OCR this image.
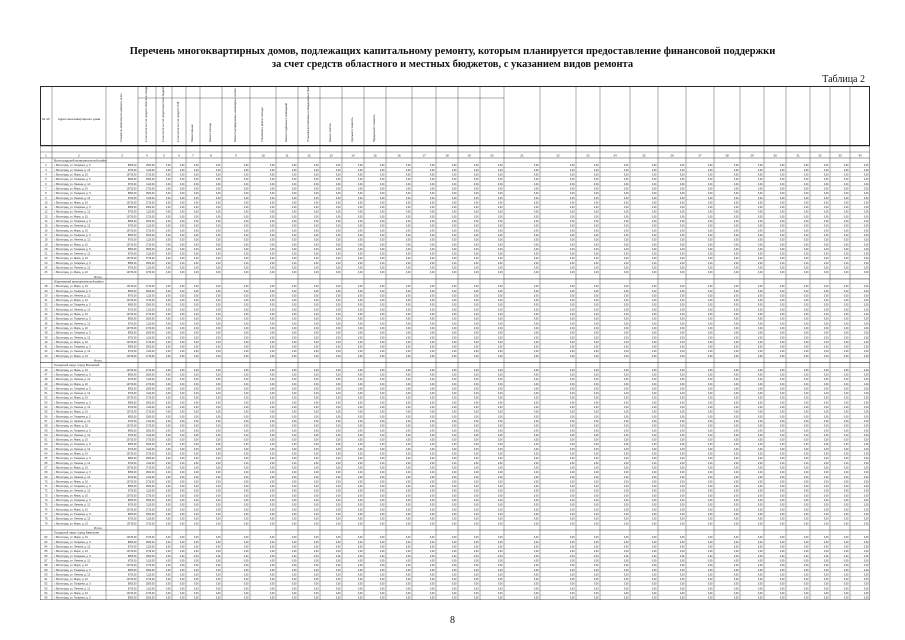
Перечень многоквартирных домов, подлежащих капитальному ремонту, которым планируется предоставление финансовой поддержки
за счет средств областного и местных бюджетов, с указанием видов ремонта
Таблица 2
№ п/п	Адрес многоквартирного дома	Стоимость капитального ремонта, всего	в том числе за счет средств областного бюджета	в том числе за счет средств местного бюджета	в том числе за счет средств ТСЖ	Ремонт крыши	Ремонт фасада	Ремонт внутридомовых инженерных систем	Утепление и ремонт фасада	Ремонт подвальных помещений	Установка коллективных (общедомовых) приборов учета	Ремонт лифтов	Удельная стоимость	Предельная стоимость
1	2	3	4	5	6	7	8	9	10	11	12	13	14	15	16	17	18	19	20	21	22	23	24	25	26	27	28	29	30	31	32	33	34
Волгоградский муниципальный район
2	г. Волгоград, ул. Гагарина, д. 5	8950,00	1560,00	0,00	0,00	0,00	0,00	0,00	0,00	0,00	0,00	0,00	0,00	0,00	0,00	0,00	0,00	0,00	0,00	0,00	0,00	0,00	0,00	0,00	0,00	0,00	0,00	0,00	0,00	0,00	0,00	0,00	0,00
3	г. Волгоград, ул. Ленина, д. 12	6700,00	1110,00	0,00	0,00	0,00	0,00	0,00	0,00	0,00	0,00	0,00	0,00	0,00	0,00	0,00	0,00	0,00	0,00	0,00	0,00	0,00	0,00	0,00	0,00	0,00	0,00	0,00	0,00	0,00	0,00	0,00	0,00
4	г. Волгоград, ул. Мира, д. 10	10730,00	1730,00	0,00	0,00	0,00	0,00	0,00	0,00	0,00	0,00	0,00	0,00	0,00	0,00	0,00	0,00	0,00	0,00	0,00	0,00	0,00	0,00	0,00	0,00	0,00	0,00	0,00	0,00	0,00	0,00	0,00	0,00
5	г. Волгоград, ул. Гагарина, д. 5	8950,00	1560,00	0,00	0,00	0,00	0,00	0,00	0,00	0,00	0,00	0,00	0,00	0,00	0,00	0,00	0,00	0,00	0,00	0,00	0,00	0,00	0,00	0,00	0,00	0,00	0,00	0,00	0,00	0,00	0,00	0,00	0,00
6	г. Волгоград, ул. Ленина, д. 12	6700,00	1110,00	0,00	0,00	0,00	0,00	0,00	0,00	0,00	0,00	0,00	0,00	0,00	0,00	0,00	0,00	0,00	0,00	0,00	0,00	0,00	0,00	0,00	0,00	0,00	0,00	0,00	0,00	0,00	0,00	0,00	0,00
7	г. Волгоград, ул. Мира, д. 10	10730,00	1730,00	0,00	0,00	0,00	0,00	0,00	0,00	0,00	0,00	0,00	0,00	0,00	0,00	0,00	0,00	0,00	0,00	0,00	0,00	0,00	0,00	0,00	0,00	0,00	0,00	0,00	0,00	0,00	0,00	0,00	0,00
8	г. Волгоград, ул. Гагарина, д. 5	8950,00	1560,00	0,00	0,00	0,00	0,00	0,00	0,00	0,00	0,00	0,00	0,00	0,00	0,00	0,00	0,00	0,00	0,00	0,00	0,00	0,00	0,00	0,00	0,00	0,00	0,00	0,00	0,00	0,00	0,00	0,00	0,00
9	г. Волгоград, ул. Ленина, д. 12	6700,00	1110,00	0,00	0,00	0,00	0,00	0,00	0,00	0,00	0,00	0,00	0,00	0,00	0,00	0,00	0,00	0,00	0,00	0,00	0,00	0,00	0,00	0,00	0,00	0,00	0,00	0,00	0,00	0,00	0,00	0,00	0,00
10	г. Волгоград, ул. Мира, д. 10	10730,00	1730,00	0,00	0,00	0,00	0,00	0,00	0,00	0,00	0,00	0,00	0,00	0,00	0,00	0,00	0,00	0,00	0,00	0,00	0,00	0,00	0,00	0,00	0,00	0,00	0,00	0,00	0,00	0,00	0,00	0,00	0,00
11	г. Волгоград, ул. Гагарина, д. 5	8950,00	1560,00	0,00	0,00	0,00	0,00	0,00	0,00	0,00	0,00	0,00	0,00	0,00	0,00	0,00	0,00	0,00	0,00	0,00	0,00	0,00	0,00	0,00	0,00	0,00	0,00	0,00	0,00	0,00	0,00	0,00	0,00
12	г. Волгоград, ул. Ленина, д. 12	6700,00	1110,00	0,00	0,00	0,00	0,00	0,00	0,00	0,00	0,00	0,00	0,00	0,00	0,00	0,00	0,00	0,00	0,00	0,00	0,00	0,00	0,00	0,00	0,00	0,00	0,00	0,00	0,00	0,00	0,00	0,00	0,00
13	г. Волгоград, ул. Мира, д. 10	10730,00	1730,00	0,00	0,00	0,00	0,00	0,00	0,00	0,00	0,00	0,00	0,00	0,00	0,00	0,00	0,00	0,00	0,00	0,00	0,00	0,00	0,00	0,00	0,00	0,00	0,00	0,00	0,00	0,00	0,00	0,00	0,00
14	г. Волгоград, ул. Гагарина, д. 5	8950,00	1560,00	0,00	0,00	0,00	0,00	0,00	0,00	0,00	0,00	0,00	0,00	0,00	0,00	0,00	0,00	0,00	0,00	0,00	0,00	0,00	0,00	0,00	0,00	0,00	0,00	0,00	0,00	0,00	0,00	0,00	0,00
15	г. Волгоград, ул. Ленина, д. 12	6700,00	1110,00	0,00	0,00	0,00	0,00	0,00	0,00	0,00	0,00	0,00	0,00	0,00	0,00	0,00	0,00	0,00	0,00	0,00	0,00	0,00	0,00	0,00	0,00	0,00	0,00	0,00	0,00	0,00	0,00	0,00	0,00
16	г. Волгоград, ул. Мира, д. 10	10730,00	1730,00	0,00	0,00	0,00	0,00	0,00	0,00	0,00	0,00	0,00	0,00	0,00	0,00	0,00	0,00	0,00	0,00	0,00	0,00	0,00	0,00	0,00	0,00	0,00	0,00	0,00	0,00	0,00	0,00	0,00	0,00
17	г. Волгоград, ул. Гагарина, д. 5	8950,00	1560,00	0,00	0,00	0,00	0,00	0,00	0,00	0,00	0,00	0,00	0,00	0,00	0,00	0,00	0,00	0,00	0,00	0,00	0,00	0,00	0,00	0,00	0,00	0,00	0,00	0,00	0,00	0,00	0,00	0,00	0,00
18	г. Волгоград, ул. Ленина, д. 12	6700,00	1110,00	0,00	0,00	0,00	0,00	0,00	0,00	0,00	0,00	0,00	0,00	0,00	0,00	0,00	0,00	0,00	0,00	0,00	0,00	0,00	0,00	0,00	0,00	0,00	0,00	0,00	0,00	0,00	0,00	0,00	0,00
19	г. Волгоград, ул. Мира, д. 10	10730,00	1730,00	0,00	0,00	0,00	0,00	0,00	0,00	0,00	0,00	0,00	0,00	0,00	0,00	0,00	0,00	0,00	0,00	0,00	0,00	0,00	0,00	0,00	0,00	0,00	0,00	0,00	0,00	0,00	0,00	0,00	0,00
20	г. Волгоград, ул. Гагарина, д. 5	8950,00	1560,00	0,00	0,00	0,00	0,00	0,00	0,00	0,00	0,00	0,00	0,00	0,00	0,00	0,00	0,00	0,00	0,00	0,00	0,00	0,00	0,00	0,00	0,00	0,00	0,00	0,00	0,00	0,00	0,00	0,00	0,00
21	г. Волгоград, ул. Ленина, д. 12	6700,00	1110,00	0,00	0,00	0,00	0,00	0,00	0,00	0,00	0,00	0,00	0,00	0,00	0,00	0,00	0,00	0,00	0,00	0,00	0,00	0,00	0,00	0,00	0,00	0,00	0,00	0,00	0,00	0,00	0,00	0,00	0,00
22	г. Волгоград, ул. Мира, д. 10	10730,00	1730,00	0,00	0,00	0,00	0,00	0,00	0,00	0,00	0,00	0,00	0,00	0,00	0,00	0,00	0,00	0,00	0,00	0,00	0,00	0,00	0,00	0,00	0,00	0,00	0,00	0,00	0,00	0,00	0,00	0,00	0,00
23	г. Волгоград, ул. Гагарина, д. 5	8950,00	1560,00	0,00	0,00	0,00	0,00	0,00	0,00	0,00	0,00	0,00	0,00	0,00	0,00	0,00	0,00	0,00	0,00	0,00	0,00	0,00	0,00	0,00	0,00	0,00	0,00	0,00	0,00	0,00	0,00	0,00	0,00
24	г. Волгоград, ул. Ленина, д. 12	6700,00	1110,00	0,00	0,00	0,00	0,00	0,00	0,00	0,00	0,00	0,00	0,00	0,00	0,00	0,00	0,00	0,00	0,00	0,00	0,00	0,00	0,00	0,00	0,00	0,00	0,00	0,00	0,00	0,00	0,00	0,00	0,00
25	г. Волгоград, ул. Мира, д. 10	10730,00	1730,00	0,00	0,00	0,00	0,00	0,00	0,00	0,00	0,00	0,00	0,00	0,00	0,00	0,00	0,00	0,00	0,00	0,00	0,00	0,00	0,00	0,00	0,00	0,00	0,00	0,00	0,00	0,00	0,00	0,00	0,00
Итого
Жирновский муниципальный район
28	г. Волгоград, ул. Мира, д. 10	10730,00	1730,00	0,00	0,00	0,00	0,00	0,00	0,00	0,00	0,00	0,00	0,00	0,00	0,00	0,00	0,00	0,00	0,00	0,00	0,00	0,00	0,00	0,00	0,00	0,00	0,00	0,00	0,00	0,00	0,00	0,00	0,00
29	г. Волгоград, ул. Гагарина, д. 5	8950,00	1560,00	0,00	0,00	0,00	0,00	0,00	0,00	0,00	0,00	0,00	0,00	0,00	0,00	0,00	0,00	0,00	0,00	0,00	0,00	0,00	0,00	0,00	0,00	0,00	0,00	0,00	0,00	0,00	0,00	0,00	0,00
30	г. Волгоград, ул. Ленина, д. 12	6700,00	1110,00	0,00	0,00	0,00	0,00	0,00	0,00	0,00	0,00	0,00	0,00	0,00	0,00	0,00	0,00	0,00	0,00	0,00	0,00	0,00	0,00	0,00	0,00	0,00	0,00	0,00	0,00	0,00	0,00	0,00	0,00
31	г. Волгоград, ул. Мира, д. 10	10730,00	1730,00	0,00	0,00	0,00	0,00	0,00	0,00	0,00	0,00	0,00	0,00	0,00	0,00	0,00	0,00	0,00	0,00	0,00	0,00	0,00	0,00	0,00	0,00	0,00	0,00	0,00	0,00	0,00	0,00	0,00	0,00
32	г. Волгоград, ул. Гагарина, д. 5	8950,00	1560,00	0,00	0,00	0,00	0,00	0,00	0,00	0,00	0,00	0,00	0,00	0,00	0,00	0,00	0,00	0,00	0,00	0,00	0,00	0,00	0,00	0,00	0,00	0,00	0,00	0,00	0,00	0,00	0,00	0,00	0,00
33	г. Волгоград, ул. Ленина, д. 12	6700,00	1110,00	0,00	0,00	0,00	0,00	0,00	0,00	0,00	0,00	0,00	0,00	0,00	0,00	0,00	0,00	0,00	0,00	0,00	0,00	0,00	0,00	0,00	0,00	0,00	0,00	0,00	0,00	0,00	0,00	0,00	0,00
34	г. Волгоград, ул. Мира, д. 10	10730,00	1730,00	0,00	0,00	0,00	0,00	0,00	0,00	0,00	0,00	0,00	0,00	0,00	0,00	0,00	0,00	0,00	0,00	0,00	0,00	0,00	0,00	0,00	0,00	0,00	0,00	0,00	0,00	0,00	0,00	0,00	0,00
35	г. Волгоград, ул. Гагарина, д. 5	8950,00	1560,00	0,00	0,00	0,00	0,00	0,00	0,00	0,00	0,00	0,00	0,00	0,00	0,00	0,00	0,00	0,00	0,00	0,00	0,00	0,00	0,00	0,00	0,00	0,00	0,00	0,00	0,00	0,00	0,00	0,00	0,00
36	г. Волгоград, ул. Ленина, д. 12	6700,00	1110,00	0,00	0,00	0,00	0,00	0,00	0,00	0,00	0,00	0,00	0,00	0,00	0,00	0,00	0,00	0,00	0,00	0,00	0,00	0,00	0,00	0,00	0,00	0,00	0,00	0,00	0,00	0,00	0,00	0,00	0,00
37	г. Волгоград, ул. Мира, д. 10	10730,00	1730,00	0,00	0,00	0,00	0,00	0,00	0,00	0,00	0,00	0,00	0,00	0,00	0,00	0,00	0,00	0,00	0,00	0,00	0,00	0,00	0,00	0,00	0,00	0,00	0,00	0,00	0,00	0,00	0,00	0,00	0,00
38	г. Волгоград, ул. Гагарина, д. 5	8950,00	1560,00	0,00	0,00	0,00	0,00	0,00	0,00	0,00	0,00	0,00	0,00	0,00	0,00	0,00	0,00	0,00	0,00	0,00	0,00	0,00	0,00	0,00	0,00	0,00	0,00	0,00	0,00	0,00	0,00	0,00	0,00
39	г. Волгоград, ул. Ленина, д. 12	6700,00	1110,00	0,00	0,00	0,00	0,00	0,00	0,00	0,00	0,00	0,00	0,00	0,00	0,00	0,00	0,00	0,00	0,00	0,00	0,00	0,00	0,00	0,00	0,00	0,00	0,00	0,00	0,00	0,00	0,00	0,00	0,00
40	г. Волгоград, ул. Мира, д. 10	10730,00	1730,00	0,00	0,00	0,00	0,00	0,00	0,00	0,00	0,00	0,00	0,00	0,00	0,00	0,00	0,00	0,00	0,00	0,00	0,00	0,00	0,00	0,00	0,00	0,00	0,00	0,00	0,00	0,00	0,00	0,00	0,00
41	г. Волгоград, ул. Гагарина, д. 5	8950,00	1560,00	0,00	0,00	0,00	0,00	0,00	0,00	0,00	0,00	0,00	0,00	0,00	0,00	0,00	0,00	0,00	0,00	0,00	0,00	0,00	0,00	0,00	0,00	0,00	0,00	0,00	0,00	0,00	0,00	0,00	0,00
42	г. Волгоград, ул. Ленина, д. 12	6700,00	1110,00	0,00	0,00	0,00	0,00	0,00	0,00	0,00	0,00	0,00	0,00	0,00	0,00	0,00	0,00	0,00	0,00	0,00	0,00	0,00	0,00	0,00	0,00	0,00	0,00	0,00	0,00	0,00	0,00	0,00	0,00
43	г. Волгоград, ул. Мира, д. 10	10730,00	1730,00	0,00	0,00	0,00	0,00	0,00	0,00	0,00	0,00	0,00	0,00	0,00	0,00	0,00	0,00	0,00	0,00	0,00	0,00	0,00	0,00	0,00	0,00	0,00	0,00	0,00	0,00	0,00	0,00	0,00	0,00
Итого
Городской округ город Волжский
46	г. Волгоград, ул. Мира, д. 10	10730,00	1730,00	0,00	0,00	0,00	0,00	0,00	0,00	0,00	0,00	0,00	0,00	0,00	0,00	0,00	0,00	0,00	0,00	0,00	0,00	0,00	0,00	0,00	0,00	0,00	0,00	0,00	0,00	0,00	0,00	0,00	0,00
47	г. Волгоград, ул. Гагарина, д. 5	8950,00	1560,00	0,00	0,00	0,00	0,00	0,00	0,00	0,00	0,00	0,00	0,00	0,00	0,00	0,00	0,00	0,00	0,00	0,00	0,00	0,00	0,00	0,00	0,00	0,00	0,00	0,00	0,00	0,00	0,00	0,00	0,00
48	г. Волгоград, ул. Ленина, д. 12	6700,00	1110,00	0,00	0,00	0,00	0,00	0,00	0,00	0,00	0,00	0,00	0,00	0,00	0,00	0,00	0,00	0,00	0,00	0,00	0,00	0,00	0,00	0,00	0,00	0,00	0,00	0,00	0,00	0,00	0,00	0,00	0,00
49	г. Волгоград, ул. Мира, д. 10	10730,00	1730,00	0,00	0,00	0,00	0,00	0,00	0,00	0,00	0,00	0,00	0,00	0,00	0,00	0,00	0,00	0,00	0,00	0,00	0,00	0,00	0,00	0,00	0,00	0,00	0,00	0,00	0,00	0,00	0,00	0,00	0,00
50	г. Волгоград, ул. Гагарина, д. 5	8950,00	1560,00	0,00	0,00	0,00	0,00	0,00	0,00	0,00	0,00	0,00	0,00	0,00	0,00	0,00	0,00	0,00	0,00	0,00	0,00	0,00	0,00	0,00	0,00	0,00	0,00	0,00	0,00	0,00	0,00	0,00	0,00
51	г. Волгоград, ул. Ленина, д. 12	6700,00	1110,00	0,00	0,00	0,00	0,00	0,00	0,00	0,00	0,00	0,00	0,00	0,00	0,00	0,00	0,00	0,00	0,00	0,00	0,00	0,00	0,00	0,00	0,00	0,00	0,00	0,00	0,00	0,00	0,00	0,00	0,00
52	г. Волгоград, ул. Мира, д. 10	10730,00	1730,00	0,00	0,00	0,00	0,00	0,00	0,00	0,00	0,00	0,00	0,00	0,00	0,00	0,00	0,00	0,00	0,00	0,00	0,00	0,00	0,00	0,00	0,00	0,00	0,00	0,00	0,00	0,00	0,00	0,00	0,00
53	г. Волгоград, ул. Гагарина, д. 5	8950,00	1560,00	0,00	0,00	0,00	0,00	0,00	0,00	0,00	0,00	0,00	0,00	0,00	0,00	0,00	0,00	0,00	0,00	0,00	0,00	0,00	0,00	0,00	0,00	0,00	0,00	0,00	0,00	0,00	0,00	0,00	0,00
54	г. Волгоград, ул. Ленина, д. 12	6700,00	1110,00	0,00	0,00	0,00	0,00	0,00	0,00	0,00	0,00	0,00	0,00	0,00	0,00	0,00	0,00	0,00	0,00	0,00	0,00	0,00	0,00	0,00	0,00	0,00	0,00	0,00	0,00	0,00	0,00	0,00	0,00
55	г. Волгоград, ул. Мира, д. 10	10730,00	1730,00	0,00	0,00	0,00	0,00	0,00	0,00	0,00	0,00	0,00	0,00	0,00	0,00	0,00	0,00	0,00	0,00	0,00	0,00	0,00	0,00	0,00	0,00	0,00	0,00	0,00	0,00	0,00	0,00	0,00	0,00
56	г. Волгоград, ул. Гагарина, д. 5	8950,00	1560,00	0,00	0,00	0,00	0,00	0,00	0,00	0,00	0,00	0,00	0,00	0,00	0,00	0,00	0,00	0,00	0,00	0,00	0,00	0,00	0,00	0,00	0,00	0,00	0,00	0,00	0,00	0,00	0,00	0,00	0,00
57	г. Волгоград, ул. Ленина, д. 12	6700,00	1110,00	0,00	0,00	0,00	0,00	0,00	0,00	0,00	0,00	0,00	0,00	0,00	0,00	0,00	0,00	0,00	0,00	0,00	0,00	0,00	0,00	0,00	0,00	0,00	0,00	0,00	0,00	0,00	0,00	0,00	0,00
58	г. Волгоград, ул. Мира, д. 10	10730,00	1730,00	0,00	0,00	0,00	0,00	0,00	0,00	0,00	0,00	0,00	0,00	0,00	0,00	0,00	0,00	0,00	0,00	0,00	0,00	0,00	0,00	0,00	0,00	0,00	0,00	0,00	0,00	0,00	0,00	0,00	0,00
59	г. Волгоград, ул. Гагарина, д. 5	8950,00	1560,00	0,00	0,00	0,00	0,00	0,00	0,00	0,00	0,00	0,00	0,00	0,00	0,00	0,00	0,00	0,00	0,00	0,00	0,00	0,00	0,00	0,00	0,00	0,00	0,00	0,00	0,00	0,00	0,00	0,00	0,00
60	г. Волгоград, ул. Ленина, д. 12	6700,00	1110,00	0,00	0,00	0,00	0,00	0,00	0,00	0,00	0,00	0,00	0,00	0,00	0,00	0,00	0,00	0,00	0,00	0,00	0,00	0,00	0,00	0,00	0,00	0,00	0,00	0,00	0,00	0,00	0,00	0,00	0,00
61	г. Волгоград, ул. Мира, д. 10	10730,00	1730,00	0,00	0,00	0,00	0,00	0,00	0,00	0,00	0,00	0,00	0,00	0,00	0,00	0,00	0,00	0,00	0,00	0,00	0,00	0,00	0,00	0,00	0,00	0,00	0,00	0,00	0,00	0,00	0,00	0,00	0,00
62	г. Волгоград, ул. Гагарина, д. 5	8950,00	1560,00	0,00	0,00	0,00	0,00	0,00	0,00	0,00	0,00	0,00	0,00	0,00	0,00	0,00	0,00	0,00	0,00	0,00	0,00	0,00	0,00	0,00	0,00	0,00	0,00	0,00	0,00	0,00	0,00	0,00	0,00
63	г. Волгоград, ул. Ленина, д. 12	6700,00	1110,00	0,00	0,00	0,00	0,00	0,00	0,00	0,00	0,00	0,00	0,00	0,00	0,00	0,00	0,00	0,00	0,00	0,00	0,00	0,00	0,00	0,00	0,00	0,00	0,00	0,00	0,00	0,00	0,00	0,00	0,00
64	г. Волгоград, ул. Мира, д. 10	10730,00	1730,00	0,00	0,00	0,00	0,00	0,00	0,00	0,00	0,00	0,00	0,00	0,00	0,00	0,00	0,00	0,00	0,00	0,00	0,00	0,00	0,00	0,00	0,00	0,00	0,00	0,00	0,00	0,00	0,00	0,00	0,00
65	г. Волгоград, ул. Гагарина, д. 5	8950,00	1560,00	0,00	0,00	0,00	0,00	0,00	0,00	0,00	0,00	0,00	0,00	0,00	0,00	0,00	0,00	0,00	0,00	0,00	0,00	0,00	0,00	0,00	0,00	0,00	0,00	0,00	0,00	0,00	0,00	0,00	0,00
66	г. Волгоград, ул. Ленина, д. 12	6700,00	1110,00	0,00	0,00	0,00	0,00	0,00	0,00	0,00	0,00	0,00	0,00	0,00	0,00	0,00	0,00	0,00	0,00	0,00	0,00	0,00	0,00	0,00	0,00	0,00	0,00	0,00	0,00	0,00	0,00	0,00	0,00
67	г. Волгоград, ул. Мира, д. 10	10730,00	1730,00	0,00	0,00	0,00	0,00	0,00	0,00	0,00	0,00	0,00	0,00	0,00	0,00	0,00	0,00	0,00	0,00	0,00	0,00	0,00	0,00	0,00	0,00	0,00	0,00	0,00	0,00	0,00	0,00	0,00	0,00
68	г. Волгоград, ул. Гагарина, д. 5	8950,00	1560,00	0,00	0,00	0,00	0,00	0,00	0,00	0,00	0,00	0,00	0,00	0,00	0,00	0,00	0,00	0,00	0,00	0,00	0,00	0,00	0,00	0,00	0,00	0,00	0,00	0,00	0,00	0,00	0,00	0,00	0,00
69	г. Волгоград, ул. Ленина, д. 12	6700,00	1110,00	0,00	0,00	0,00	0,00	0,00	0,00	0,00	0,00	0,00	0,00	0,00	0,00	0,00	0,00	0,00	0,00	0,00	0,00	0,00	0,00	0,00	0,00	0,00	0,00	0,00	0,00	0,00	0,00	0,00	0,00
70	г. Волгоград, ул. Мира, д. 10	10730,00	1730,00	0,00	0,00	0,00	0,00	0,00	0,00	0,00	0,00	0,00	0,00	0,00	0,00	0,00	0,00	0,00	0,00	0,00	0,00	0,00	0,00	0,00	0,00	0,00	0,00	0,00	0,00	0,00	0,00	0,00	0,00
71	г. Волгоград, ул. Гагарина, д. 5	8950,00	1560,00	0,00	0,00	0,00	0,00	0,00	0,00	0,00	0,00	0,00	0,00	0,00	0,00	0,00	0,00	0,00	0,00	0,00	0,00	0,00	0,00	0,00	0,00	0,00	0,00	0,00	0,00	0,00	0,00	0,00	0,00
72	г. Волгоград, ул. Ленина, д. 12	6700,00	1110,00	0,00	0,00	0,00	0,00	0,00	0,00	0,00	0,00	0,00	0,00	0,00	0,00	0,00	0,00	0,00	0,00	0,00	0,00	0,00	0,00	0,00	0,00	0,00	0,00	0,00	0,00	0,00	0,00	0,00	0,00
73	г. Волгоград, ул. Мира, д. 10	10730,00	1730,00	0,00	0,00	0,00	0,00	0,00	0,00	0,00	0,00	0,00	0,00	0,00	0,00	0,00	0,00	0,00	0,00	0,00	0,00	0,00	0,00	0,00	0,00	0,00	0,00	0,00	0,00	0,00	0,00	0,00	0,00
74	г. Волгоград, ул. Гагарина, д. 5	8950,00	1560,00	0,00	0,00	0,00	0,00	0,00	0,00	0,00	0,00	0,00	0,00	0,00	0,00	0,00	0,00	0,00	0,00	0,00	0,00	0,00	0,00	0,00	0,00	0,00	0,00	0,00	0,00	0,00	0,00	0,00	0,00
75	г. Волгоград, ул. Ленина, д. 12	6700,00	1110,00	0,00	0,00	0,00	0,00	0,00	0,00	0,00	0,00	0,00	0,00	0,00	0,00	0,00	0,00	0,00	0,00	0,00	0,00	0,00	0,00	0,00	0,00	0,00	0,00	0,00	0,00	0,00	0,00	0,00	0,00
76	г. Волгоград, ул. Мира, д. 10	10730,00	1730,00	0,00	0,00	0,00	0,00	0,00	0,00	0,00	0,00	0,00	0,00	0,00	0,00	0,00	0,00	0,00	0,00	0,00	0,00	0,00	0,00	0,00	0,00	0,00	0,00	0,00	0,00	0,00	0,00	0,00	0,00
77	г. Волгоград, ул. Гагарина, д. 5	8950,00	1560,00	0,00	0,00	0,00	0,00	0,00	0,00	0,00	0,00	0,00	0,00	0,00	0,00	0,00	0,00	0,00	0,00	0,00	0,00	0,00	0,00	0,00	0,00	0,00	0,00	0,00	0,00	0,00	0,00	0,00	0,00
78	г. Волгоград, ул. Ленина, д. 12	6700,00	1110,00	0,00	0,00	0,00	0,00	0,00	0,00	0,00	0,00	0,00	0,00	0,00	0,00	0,00	0,00	0,00	0,00	0,00	0,00	0,00	0,00	0,00	0,00	0,00	0,00	0,00	0,00	0,00	0,00	0,00	0,00
79	г. Волгоград, ул. Мира, д. 10	10730,00	1730,00	0,00	0,00	0,00	0,00	0,00	0,00	0,00	0,00	0,00	0,00	0,00	0,00	0,00	0,00	0,00	0,00	0,00	0,00	0,00	0,00	0,00	0,00	0,00	0,00	0,00	0,00	0,00	0,00	0,00	0,00
Итого
Городской округ город Камышин
82	г. Волгоград, ул. Мира, д. 10	10730,00	1730,00	0,00	0,00	0,00	0,00	0,00	0,00	0,00	0,00	0,00	0,00	0,00	0,00	0,00	0,00	0,00	0,00	0,00	0,00	0,00	0,00	0,00	0,00	0,00	0,00	0,00	0,00	0,00	0,00	0,00	0,00
83	г. Волгоград, ул. Гагарина, д. 5	8950,00	1560,00	0,00	0,00	0,00	0,00	0,00	0,00	0,00	0,00	0,00	0,00	0,00	0,00	0,00	0,00	0,00	0,00	0,00	0,00	0,00	0,00	0,00	0,00	0,00	0,00	0,00	0,00	0,00	0,00	0,00	0,00
84	г. Волгоград, ул. Ленина, д. 12	6700,00	1110,00	0,00	0,00	0,00	0,00	0,00	0,00	0,00	0,00	0,00	0,00	0,00	0,00	0,00	0,00	0,00	0,00	0,00	0,00	0,00	0,00	0,00	0,00	0,00	0,00	0,00	0,00	0,00	0,00	0,00	0,00
85	г. Волгоград, ул. Мира, д. 10	10730,00	1730,00	0,00	0,00	0,00	0,00	0,00	0,00	0,00	0,00	0,00	0,00	0,00	0,00	0,00	0,00	0,00	0,00	0,00	0,00	0,00	0,00	0,00	0,00	0,00	0,00	0,00	0,00	0,00	0,00	0,00	0,00
86	г. Волгоград, ул. Гагарина, д. 5	8950,00	1560,00	0,00	0,00	0,00	0,00	0,00	0,00	0,00	0,00	0,00	0,00	0,00	0,00	0,00	0,00	0,00	0,00	0,00	0,00	0,00	0,00	0,00	0,00	0,00	0,00	0,00	0,00	0,00	0,00	0,00	0,00
87	г. Волгоград, ул. Ленина, д. 12	6700,00	1110,00	0,00	0,00	0,00	0,00	0,00	0,00	0,00	0,00	0,00	0,00	0,00	0,00	0,00	0,00	0,00	0,00	0,00	0,00	0,00	0,00	0,00	0,00	0,00	0,00	0,00	0,00	0,00	0,00	0,00	0,00
88	г. Волгоград, ул. Мира, д. 10	10730,00	1730,00	0,00	0,00	0,00	0,00	0,00	0,00	0,00	0,00	0,00	0,00	0,00	0,00	0,00	0,00	0,00	0,00	0,00	0,00	0,00	0,00	0,00	0,00	0,00	0,00	0,00	0,00	0,00	0,00	0,00	0,00
89	г. Волгоград, ул. Гагарина, д. 5	8950,00	1560,00	0,00	0,00	0,00	0,00	0,00	0,00	0,00	0,00	0,00	0,00	0,00	0,00	0,00	0,00	0,00	0,00	0,00	0,00	0,00	0,00	0,00	0,00	0,00	0,00	0,00	0,00	0,00	0,00	0,00	0,00
90	г. Волгоград, ул. Ленина, д. 12	6700,00	1110,00	0,00	0,00	0,00	0,00	0,00	0,00	0,00	0,00	0,00	0,00	0,00	0,00	0,00	0,00	0,00	0,00	0,00	0,00	0,00	0,00	0,00	0,00	0,00	0,00	0,00	0,00	0,00	0,00	0,00	0,00
91	г. Волгоград, ул. Мира, д. 10	10730,00	1730,00	0,00	0,00	0,00	0,00	0,00	0,00	0,00	0,00	0,00	0,00	0,00	0,00	0,00	0,00	0,00	0,00	0,00	0,00	0,00	0,00	0,00	0,00	0,00	0,00	0,00	0,00	0,00	0,00	0,00	0,00
92	г. Волгоград, ул. Гагарина, д. 5	8950,00	1560,00	0,00	0,00	0,00	0,00	0,00	0,00	0,00	0,00	0,00	0,00	0,00	0,00	0,00	0,00	0,00	0,00	0,00	0,00	0,00	0,00	0,00	0,00	0,00	0,00	0,00	0,00	0,00	0,00	0,00	0,00
93	г. Волгоград, ул. Ленина, д. 12	6700,00	1110,00	0,00	0,00	0,00	0,00	0,00	0,00	0,00	0,00	0,00	0,00	0,00	0,00	0,00	0,00	0,00	0,00	0,00	0,00	0,00	0,00	0,00	0,00	0,00	0,00	0,00	0,00	0,00	0,00	0,00	0,00
94	г. Волгоград, ул. Мира, д. 10	10730,00	1730,00	0,00	0,00	0,00	0,00	0,00	0,00	0,00	0,00	0,00	0,00	0,00	0,00	0,00	0,00	0,00	0,00	0,00	0,00	0,00	0,00	0,00	0,00	0,00	0,00	0,00	0,00	0,00	0,00	0,00	0,00
95	г. Волгоград, ул. Гагарина, д. 5	8950,00	1560,00	0,00	0,00	0,00	0,00	0,00	0,00	0,00	0,00	0,00	0,00	0,00	0,00	0,00	0,00	0,00	0,00	0,00	0,00	0,00	0,00	0,00	0,00	0,00	0,00	0,00	0,00	0,00	0,00	0,00	0,00
8
